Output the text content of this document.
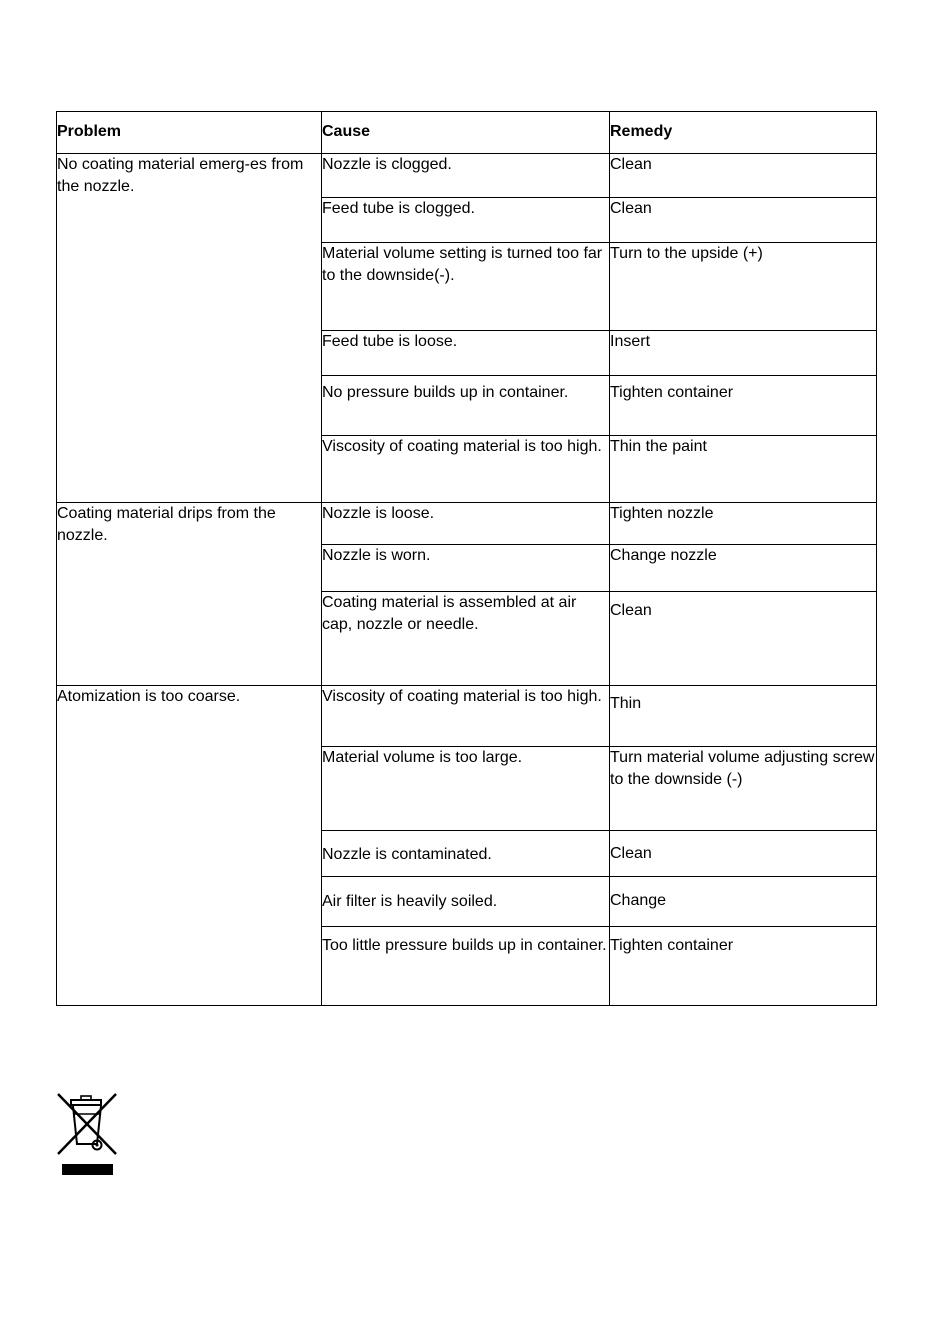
Problem	Cause	Remedy
No coating material emerg-es from the nozzle.	Nozzle is clogged.	Clean
	Feed tube is clogged.	Clean
	Material volume setting is turned too far to the downside(-).	Turn to the upside (+)
	Feed tube is loose.	Insert
	No pressure builds up in container.	Tighten container
	Viscosity of coating material is too high.	Thin the paint
Coating material drips from the nozzle.	Nozzle is loose.	Tighten nozzle
	Nozzle is worn.	Change nozzle
	Coating material is assembled at air cap, nozzle or needle.	Clean
Atomization is too coarse.	Viscosity of coating material is too high.	Thin
	Material volume is too large.	Turn material volume adjusting screw to the downside (-)
	Nozzle is contaminated.	Clean
	Air filter is heavily soiled.	Change
	Too little pressure builds up in container.	Tighten container
